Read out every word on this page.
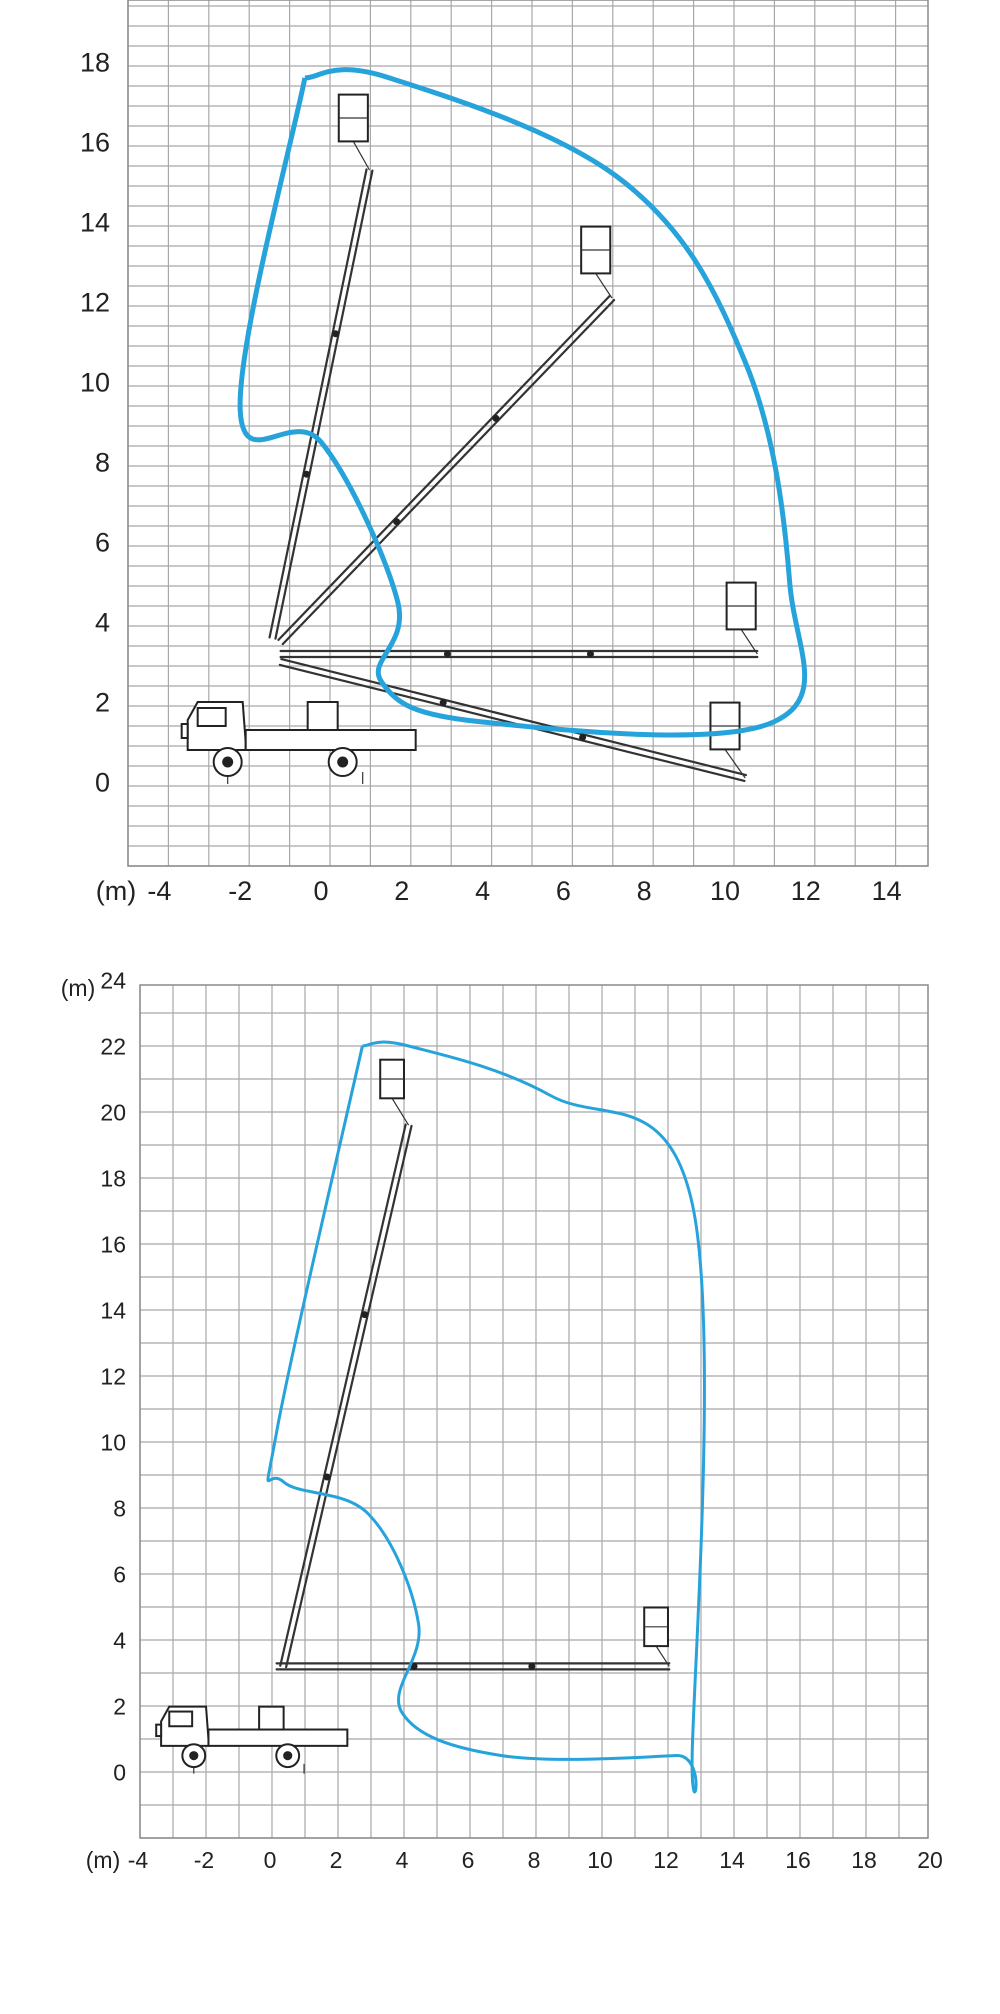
18
16
14
12
10
8
6
4
2
0
-4 -2 0 2 4 6 8 10 12 14
(m)
24
22
20
18
16
14
12
10
8
6
4
2
0
-4 -2 0 2 4 6 8 10 12 14 16 18 20
(m)
(m)
